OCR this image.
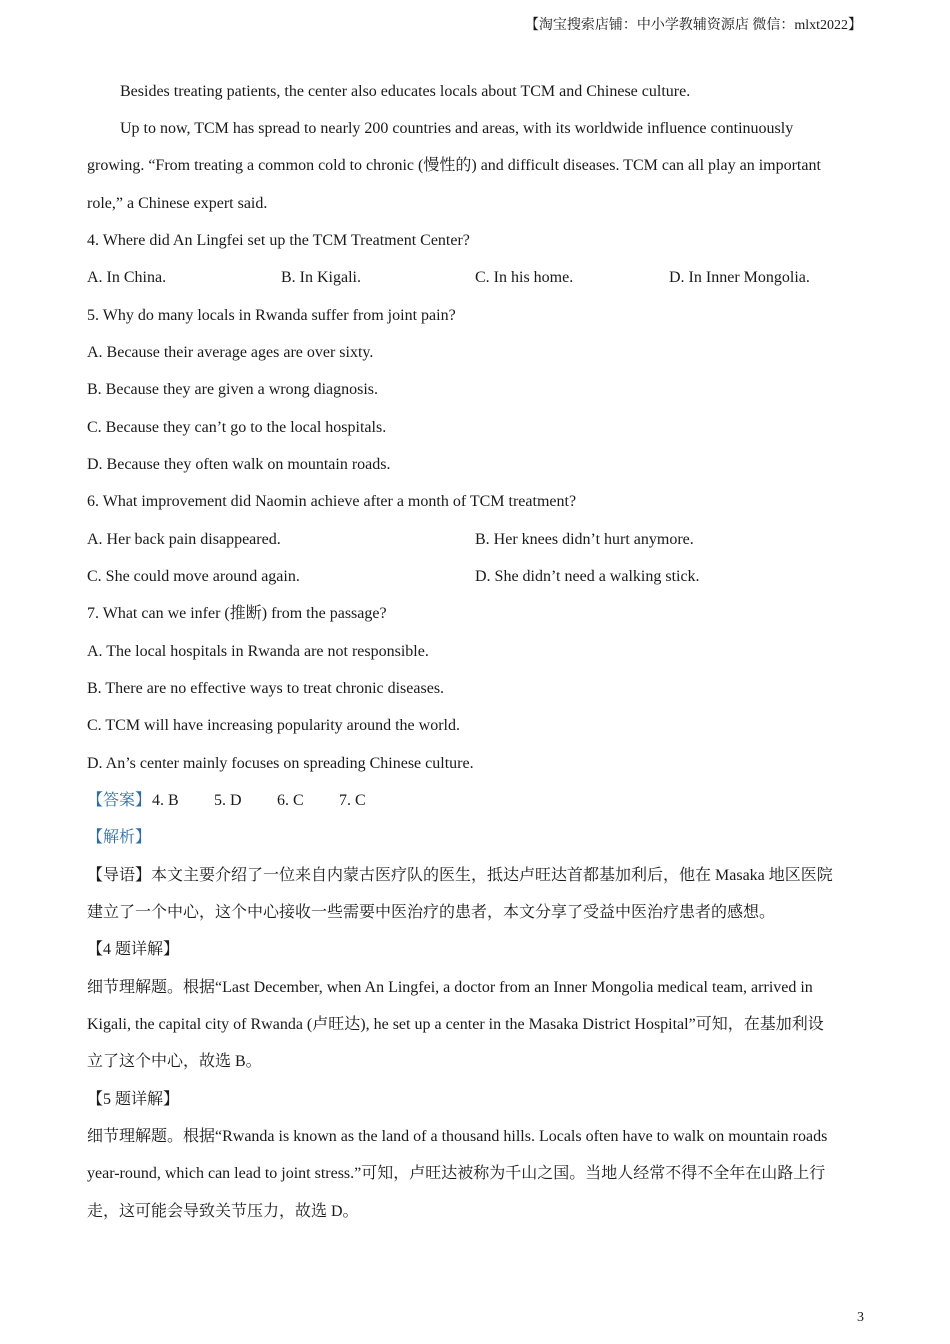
【淘宝搜索店铺：中小学教辅资源店 微信：mlxt2022】
Besides treating patients, the center also educates locals about TCM and Chinese culture.
Up to now, TCM has spread to nearly 200 countries and areas, with its worldwide influence continuously
growing. “From treating a common cold to chronic (慢性的) and difficult diseases. TCM can all play an important
role,” a Chinese expert said.
4. Where did An Lingfei set up the TCM Treatment Center?
A. In China.	B. In Kigali.	C. In his home.	D. In Inner Mongolia.
5. Why do many locals in Rwanda suffer from joint pain?
A. Because their average ages are over sixty.
B. Because they are given a wrong diagnosis.
C. Because they can’t go to the local hospitals.
D. Because they often walk on mountain roads.
6. What improvement did Naomin achieve after a month of TCM treatment?
A. Her back pain disappeared.	B. Her knees didn’t hurt anymore.
C. She could move around again.	D. She didn’t need a walking stick.
7. What can we infer (推断) from the passage?
A. The local hospitals in Rwanda are not responsible.
B. There are no effective ways to treat chronic diseases.
C. TCM will have increasing popularity around the world.
D. An’s center mainly focuses on spreading Chinese culture.
【答案】 4. B 5. D 6. C 7. C
【解析】
【导语】本文主要介绍了一位来自内蒙古医疗队的医生，抵达卢旺达首都基加利后，他在 Masaka 地区医院
建立了一个中心，这个中心接收一些需要中医治疗的患者，本文分享了受益中医治疗患者的感想。
【4 题详解】
细节理解题。根据“Last December, when An Lingfei, a doctor from an Inner Mongolia medical team, arrived in
Kigali, the capital city of Rwanda (卢旺达), he set up a center in the Masaka District Hospital”可知，在基加利设
立了这个中心，故选 B。
【5 题详解】
细节理解题。根据“Rwanda is known as the land of a thousand hills. Locals often have to walk on mountain roads
year-round, which can lead to joint stress.”可知，卢旺达被称为千山之国。当地人经常不得不全年在山路上行
走，这可能会导致关节压力，故选 D。
3
